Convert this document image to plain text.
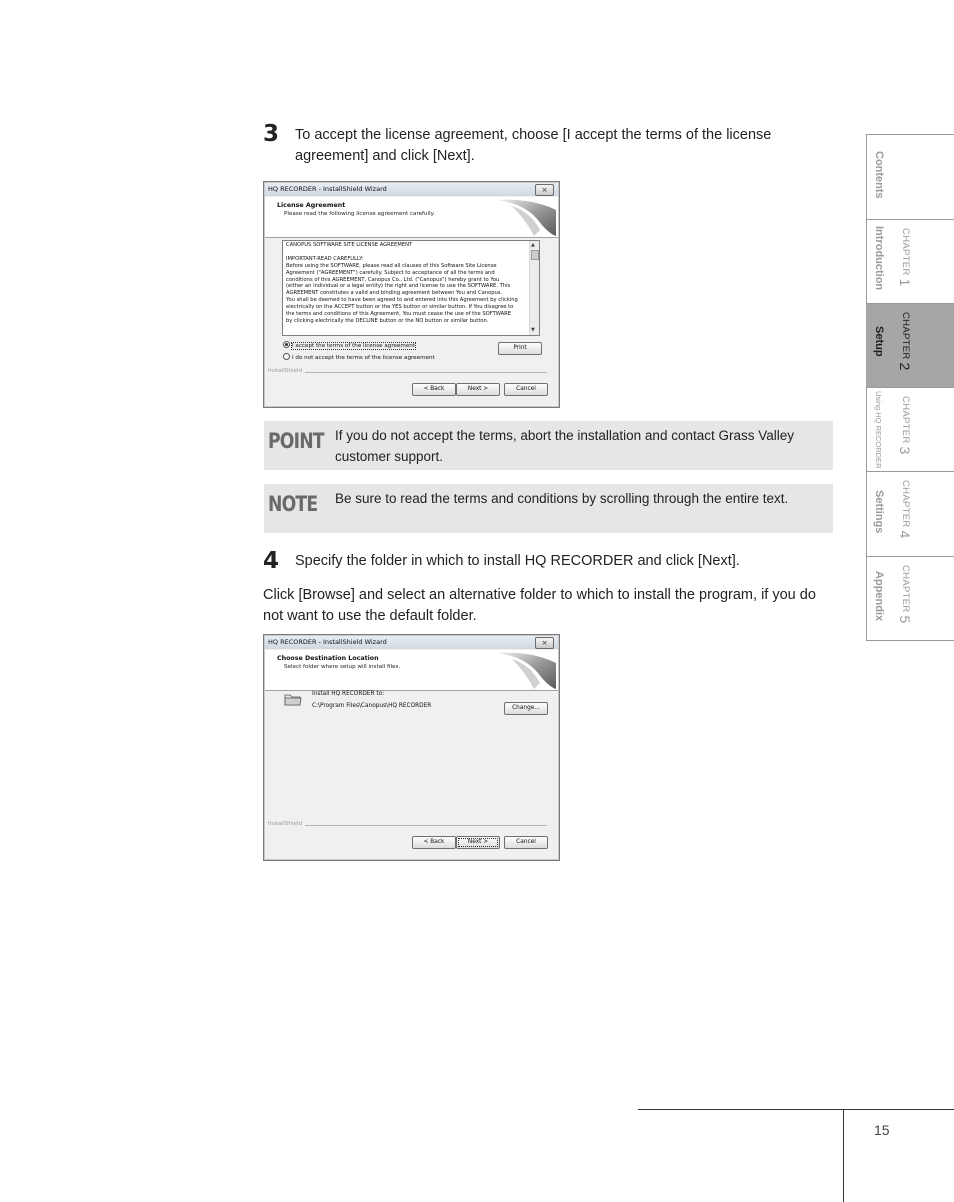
3 To accept the license agreement, choose [I accept the terms of the license agreement] and click [Next].
HQ RECORDER - InstallShield Wizard	×
License Agreement
Please read the following license agreement carefully.

CANOPUS SOFTWARE SITE LICENSE AGREEMENT

IMPORTANT-READ CAREFULLY:

Before using the SOFTWARE, please read all clauses of this Software Site License

Agreement ("AGREEMENT") carefully. Subject to acceptance of all the terms and

conditions of this AGREEMENT, Canopus Co., Ltd. ("Canopus") hereby grant to You

(either an individual or a legal entity) the right and license to use the SOFTWARE. This

AGREEMENT constitutes a valid and binding agreement between You and Canopus.

You shall be deemed to have been agreed to and entered into this Agreement by clicking

electrically on the ACCEPT button or the YES button or similar button. If You disagree to

the terms and conditions of this Agreement, You must cease the use of the SOFTWARE

by clicking electrically the DECLINE button or the NO button or similar button.

▲
▼
I accept the terms of the license agreement
I do not accept the terms of the license agreement
Print
InstallShield
< Back	Next >	Cancel
POINT If you do not accept the terms, abort the installation and contact Grass Valley customer support.
NOTE Be sure to read the terms and conditions by scrolling through the entire text.
4 Specify the folder in which to install HQ RECORDER and click [Next].
Click [Browse] and select an alternative folder to which to install the program, if you do not want to use the default folder.
HQ RECORDER - InstallShield Wizard	×
Choose Destination Location
Select folder where setup will install files.
Install HQ RECORDER to:
C:\Program Files\Canopus\HQ RECORDER	Change...
InstallShield
< Back	Next >	Cancel
Contents
Introduction	CHAPTER 1
Setup	CHAPTER 2
Using HQ RECORDER	CHAPTER 3
Settings	CHAPTER 4
Appendix	CHAPTER 5
15
